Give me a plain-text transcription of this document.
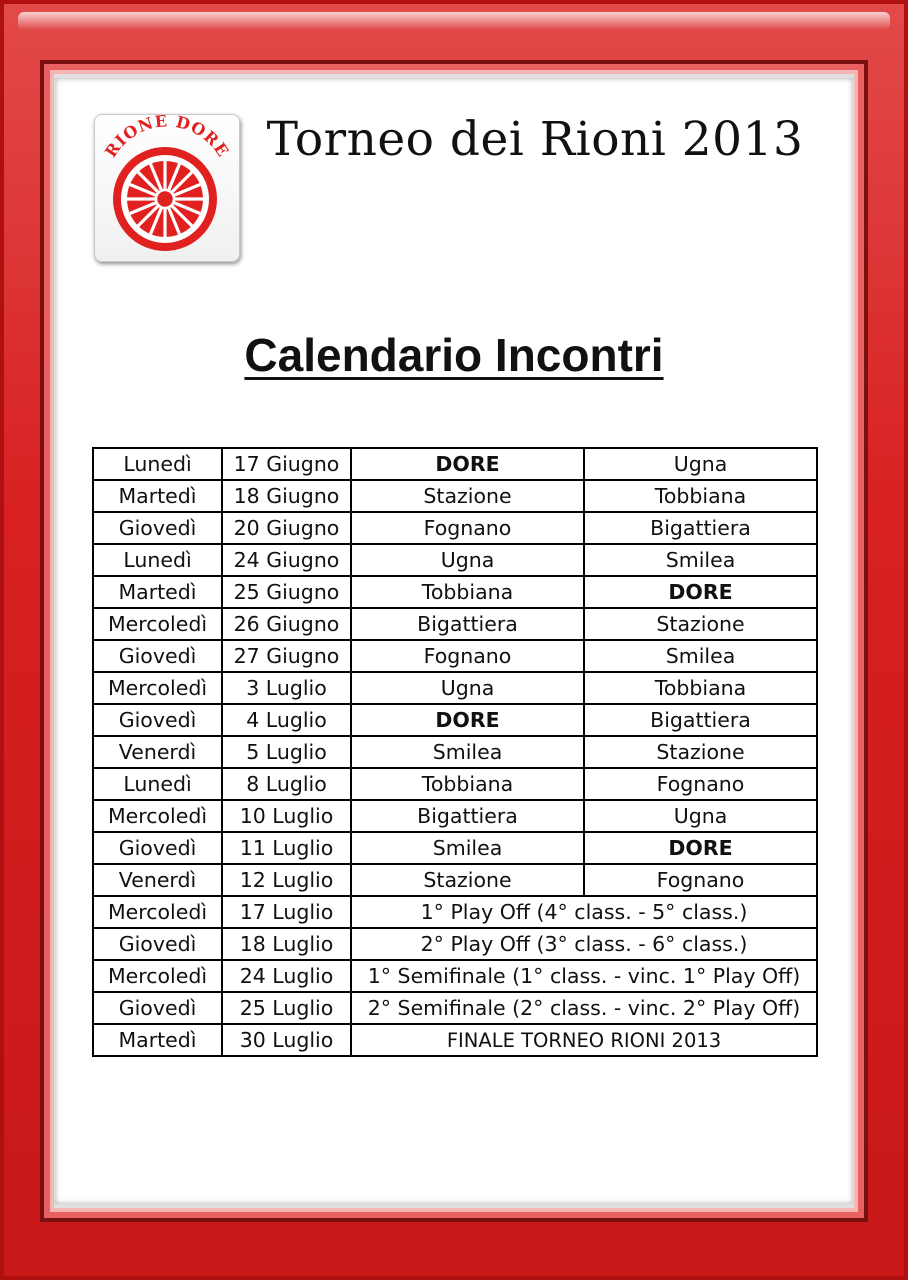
RIONE DORE Torneo dei Rioni 2013
Calendario Incontri
Lunedì	17 Giugno	DORE	Ugna
Martedì	18 Giugno	Stazione	Tobbiana
Giovedì	20 Giugno	Fognano	Bigattiera
Lunedì	24 Giugno	Ugna	Smilea
Martedì	25 Giugno	Tobbiana	DORE
Mercoledì	26 Giugno	Bigattiera	Stazione
Giovedì	27 Giugno	Fognano	Smilea
Mercoledì	3 Luglio	Ugna	Tobbiana
Giovedì	4 Luglio	DORE	Bigattiera
Venerdì	5 Luglio	Smilea	Stazione
Lunedì	8 Luglio	Tobbiana	Fognano
Mercoledì	10 Luglio	Bigattiera	Ugna
Giovedì	11 Luglio	Smilea	DORE
Venerdì	12 Luglio	Stazione	Fognano
Mercoledì	17 Luglio	1° Play Off (4° class. - 5° class.)	
Giovedì	18 Luglio	2° Play Off (3° class. - 6° class.)	
Mercoledì	24 Luglio	1° Semifinale (1° class. - vinc. 1° Play Off)	
Giovedì	25 Luglio	2° Semifinale (2° class. - vinc. 2° Play Off)	
Martedì	30 Luglio	FINALE TORNEO RIONI 2013	
